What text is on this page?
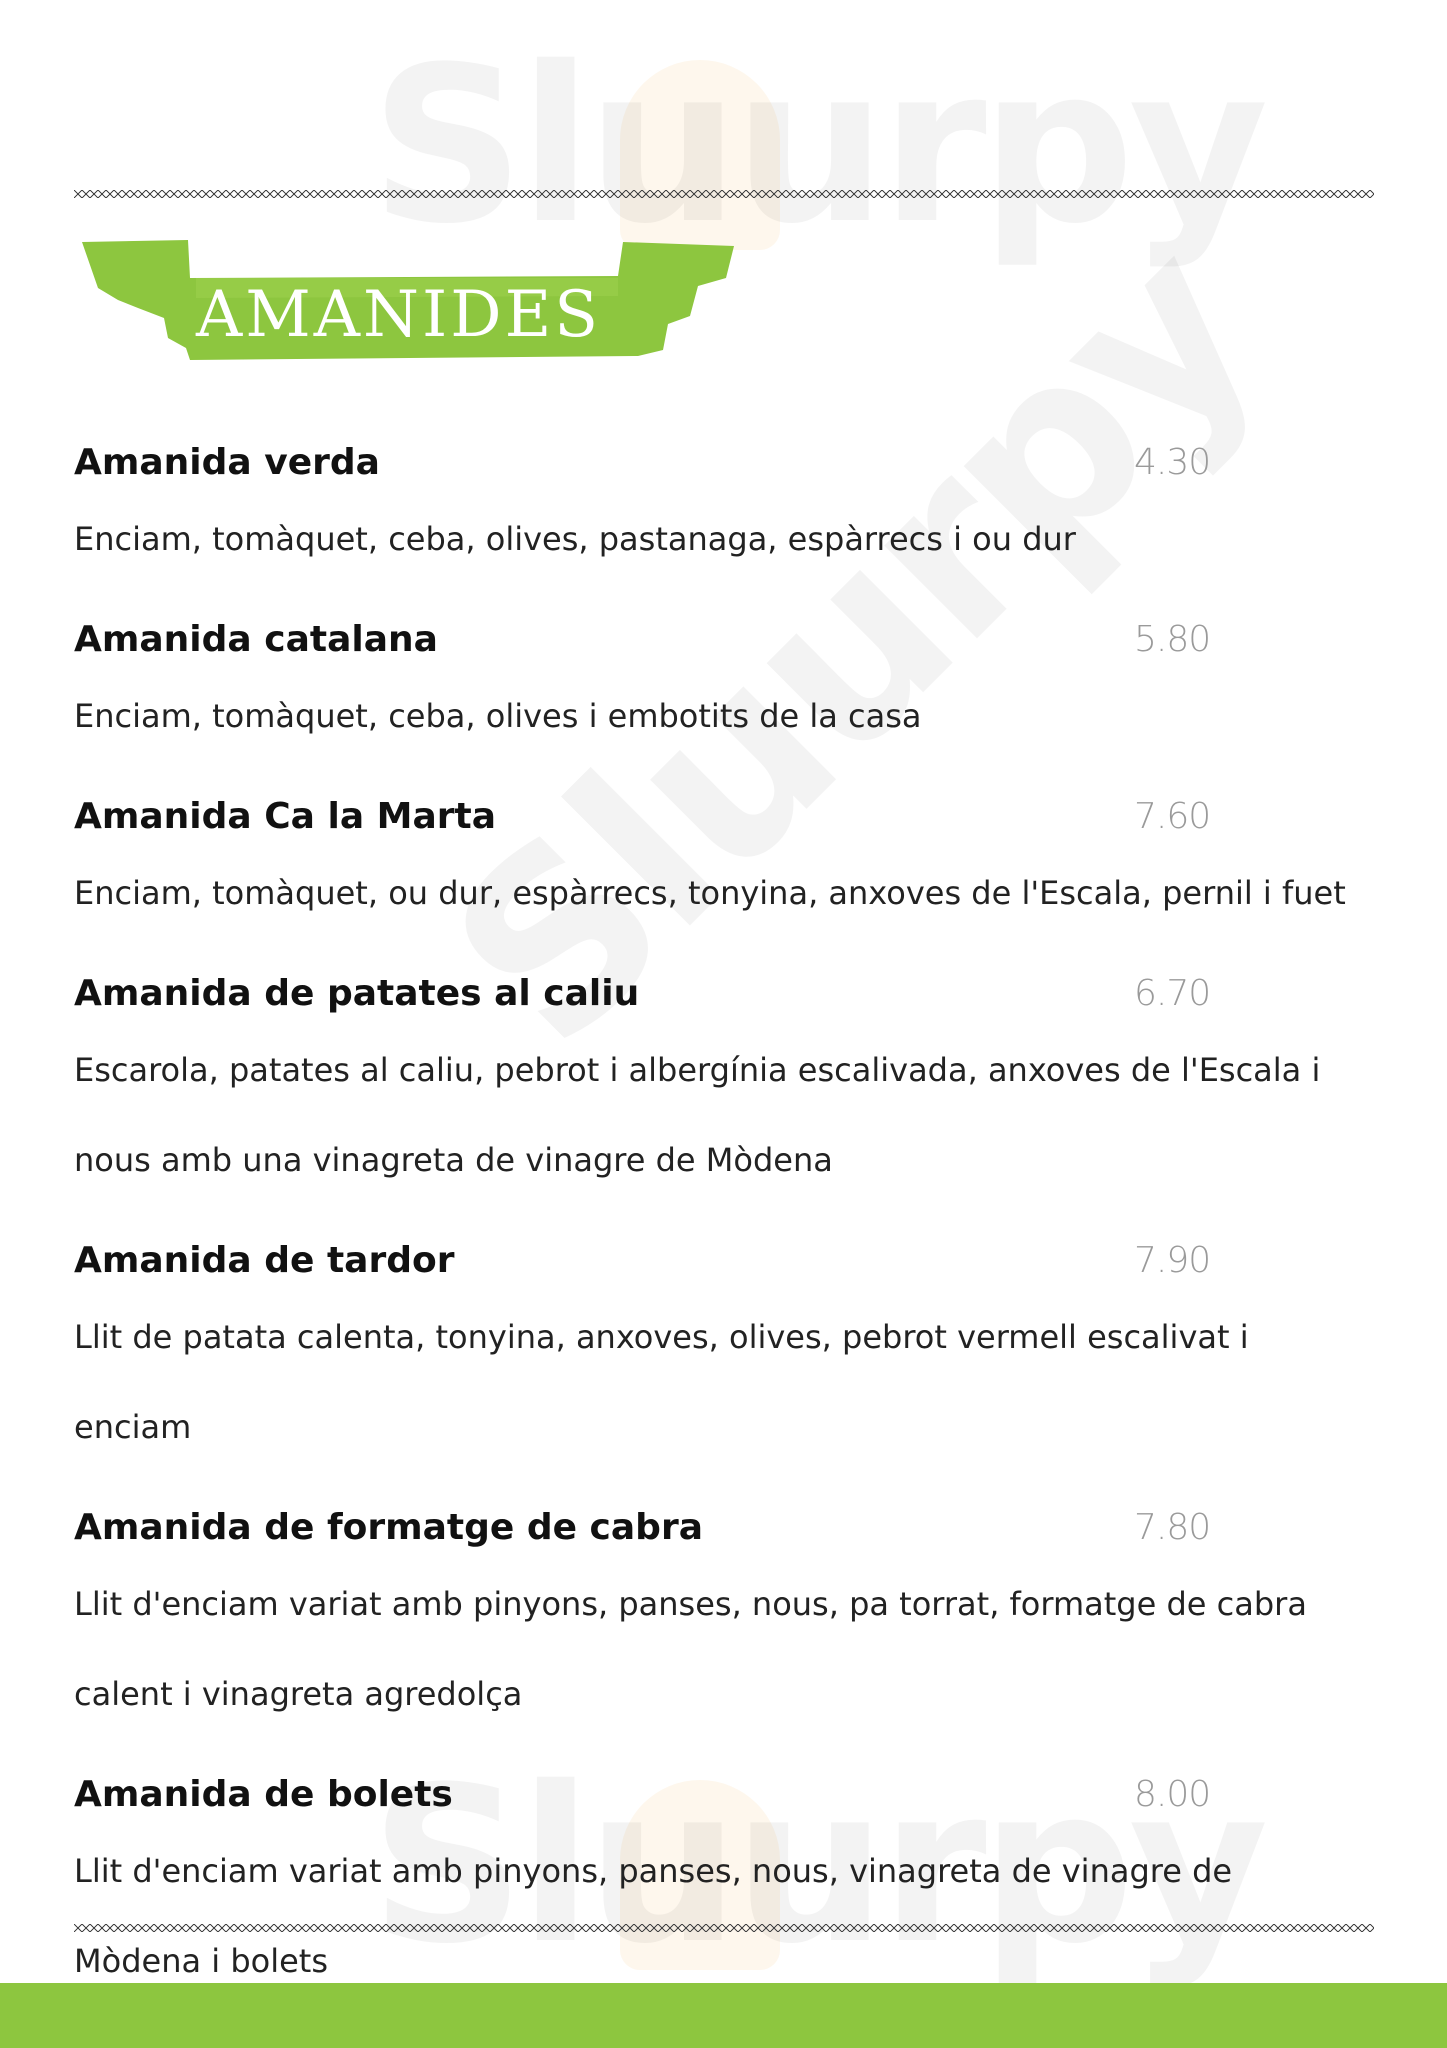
AMANIDES
Amanida verda	4.30

Enciam, tomàquet, ceba, olives, pastanaga, espàrrecs i ou dur

Amanida catalana	5.80

Enciam, tomàquet, ceba, olives i embotits de la casa

Amanida Ca la Marta	7.60

Enciam, tomàquet, ou dur, espàrrecs, tonyina, anxoves de l'Escala, pernil i fuet

Amanida de patates al caliu	6.70

Escarola, patates al caliu, pebrot i albergínia escalivada, anxoves de l'Escala i nous amb una vinagreta de vinagre de Mòdena

Amanida de tardor	7.90

Llit de patata calenta, tonyina, anxoves, olives, pebrot vermell escalivat i enciam

Amanida de formatge de cabra	7.80

Llit d'enciam variat amb pinyons, panses, nous, pa torrat, formatge de cabra calent i vinagreta agredolça

Amanida de bolets	8.00

Llit d'enciam variat amb pinyons, panses, nous, vinagreta de vinagre de Mòdena i bolets
